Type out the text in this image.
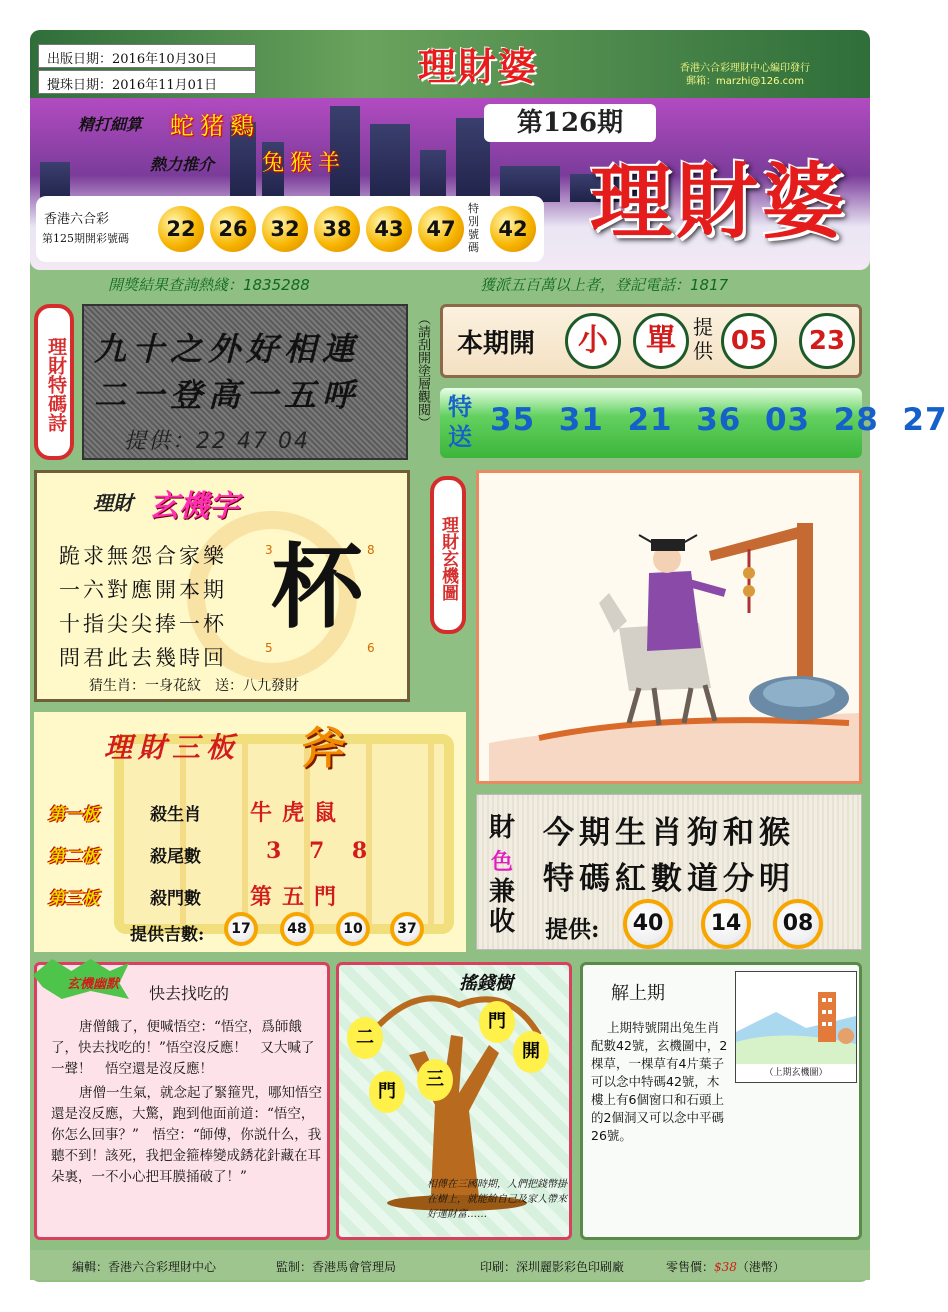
出版日期：2016年10月30日
攪珠日期：2016年11月01日	理財婆	香港六合彩理財中心編印發行
郵箱：marzhi@126.com
精打細算 蛇猪鷄
熱力推介 兔猴羊
第126期
理財婆
香港六合彩
第125期開彩號碼	22	26	32	38	43	47
特別號碼
42
開獎結果查詢熱綫：1835288	獲派五百萬以上者，登記電話：1817
理財特碼詩 九十之外好相連
二一登高一五呼
提供：22 47 04
（請刮開塗層觀閱） 本期開	小	單 提供 05	23
特送 35 31 21 36 03 28 27
理財 玄機字
跪求無怨合家樂
一六對應開本期
十指尖尖捧一杯
問君此去幾時回
3	8
5	6
杯
猜生肖：一身花紋　送：八九發財
理財玄機圖
理財三板 斧
第一板	殺生肖 牛虎鼠
第二板	殺尾數	3 7 8
第三板	殺門數 第五門
提供吉數:	17	48	10	37
財
色
兼收
今期生肖狗和猴
特碼紅數道分明
提供:	40	14	08
玄機幽默 快去找吃的
唐僧餓了，便喊悟空：“悟空，爲師餓了，快去找吃的！”悟空沒反應！　又大喊了一聲！　悟空還是沒反應！
唐僧一生氣，就念起了緊箍咒，哪知悟空還是沒反應，大驚，跑到他面前道：“悟空，你怎么回事？”　悟空：“師傅，你説什么，我聽不到！該死，我把金箍棒變成銹花針藏在耳朵裏，一不小心把耳膜捅破了！”
搖錢樹
二
門
三
門
開
相傳在三國時期，人們把錢幣掛在樹上，就能給自己及家人帶來好運財富……
解上期
（上期玄機圖）
上期特號開出兔生肖配數42號，玄機圖中，2棵草，一棵草有4片葉子可以念中特碼42號，木樓上有6個窗口和石頭上的2個洞又可以念中平碼26號。
編輯：香港六合彩理財中心	監制：香港馬會管理局	印刷：深圳麗影彩色印刷廠	零售價：$38（港幣）
